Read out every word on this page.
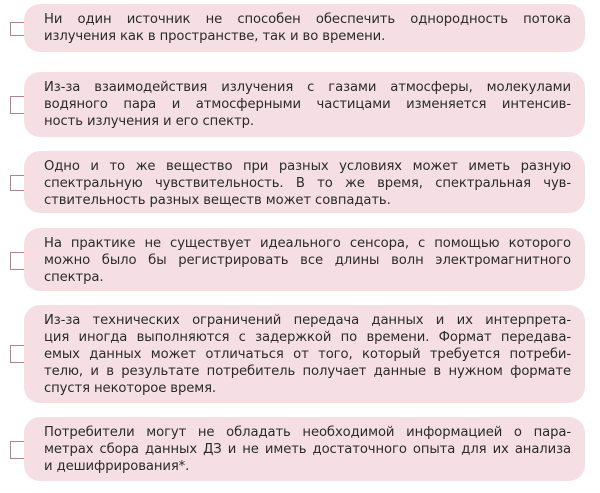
Ни один источник не способен обеспечить однородность потока
излучения как в пространстве, так и во времени.
Из-за взаимодействия излучения с газами атмосферы, молекулами
водяного пара и атмосферными частицами изменяется интенсив-
ность излучения и его спектр.
Одно и то же вещество при разных условиях может иметь разную
спектральную чувствительность. В то же время, спектральная чув-
ствительность разных веществ может совпадать.
На практике не существует идеального сенсора, с помощью которого
можно было бы регистрировать все длины волн электромагнитного
спектра.
Из-за технических ограничений передача данных и их интерпрета-
ция иногда выполняются с задержкой по времени. Формат передава-
емых данных может отличаться от того, который требуется потреби-
телю, и в результате потребитель получает данные в нужном формате
спустя некоторое время.
Потребители могут не обладать необходимой информацией о пара-
метрах сбора данных ДЗ и не иметь достаточного опыта для их анализа
и дешифрирования*.
